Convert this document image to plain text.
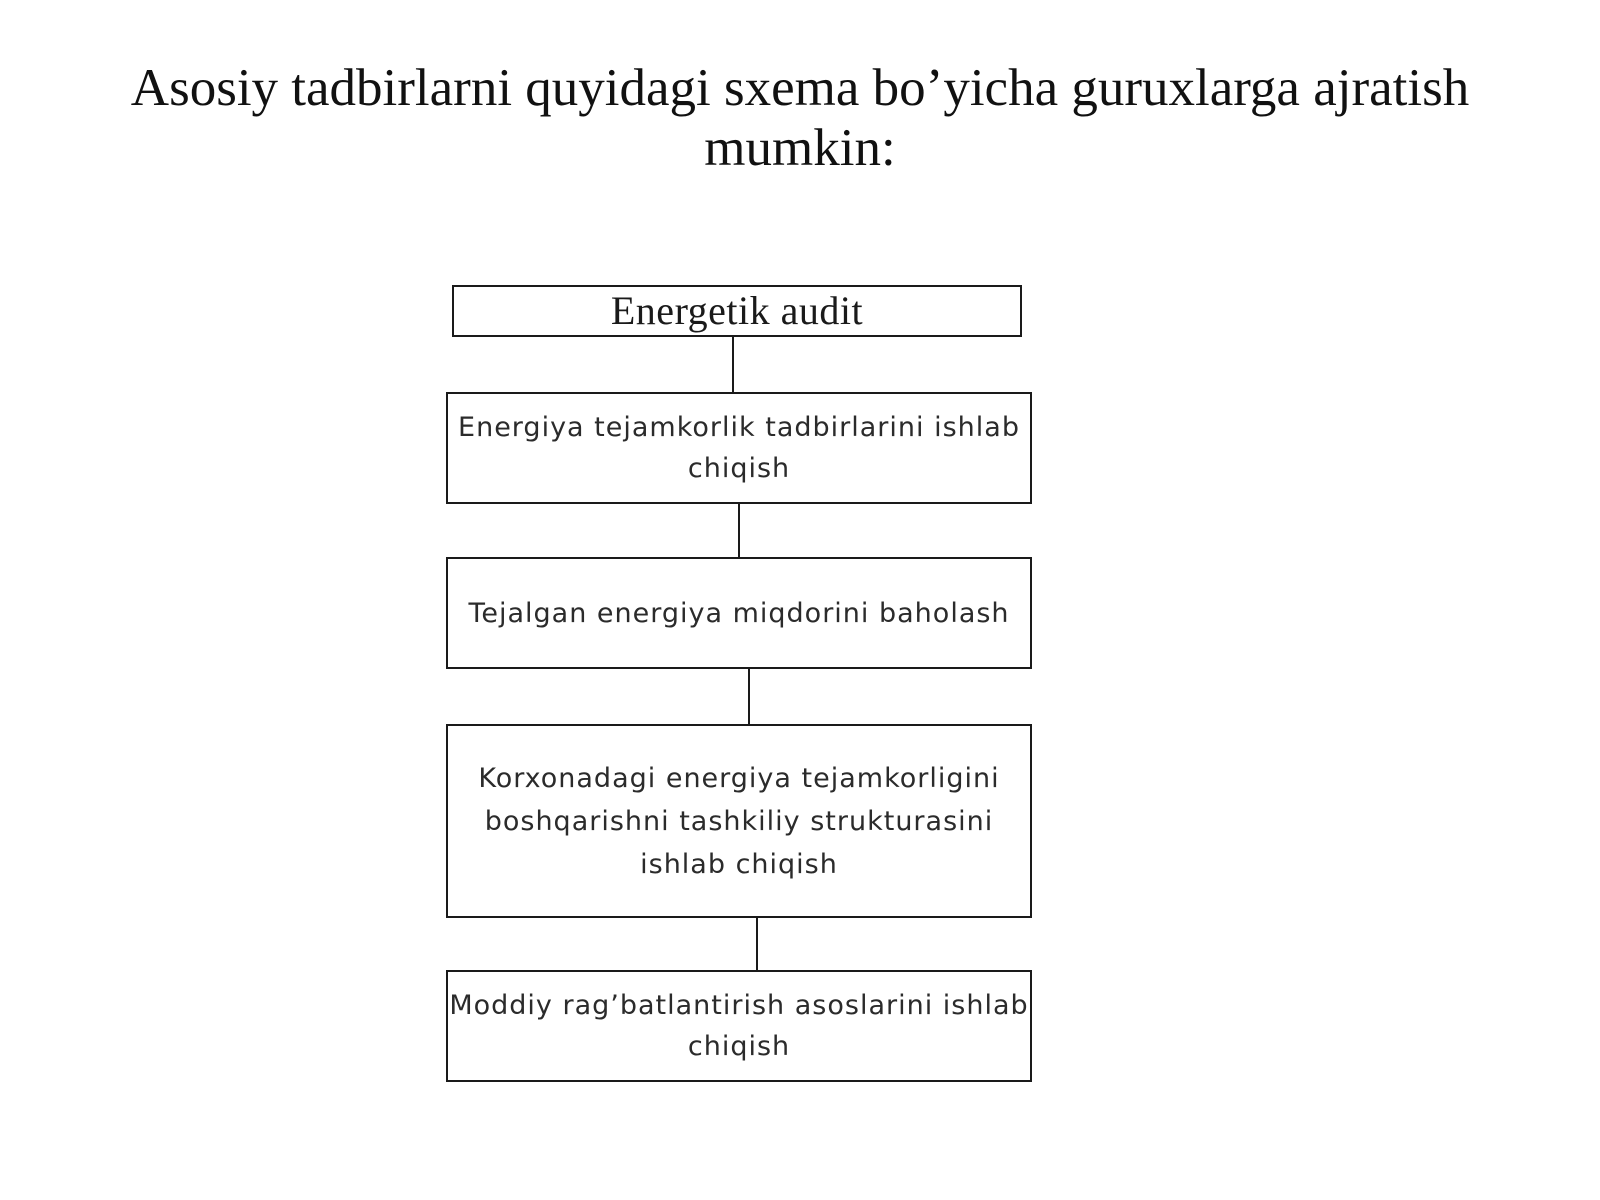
Asosiy tadbirlarni quyidagi sxema bo’yicha guruxlarga ajratish mumkin:
Energetik audit
Energiya tejamkorlik tadbirlarini ishlab chiqish
Tejalgan energiya miqdorini baholash
Korxonadagi energiya tejamkorligini boshqarishni tashkiliy strukturasini ishlab chiqish
Moddiy rag’batlantirish asoslarini ishlab chiqish
